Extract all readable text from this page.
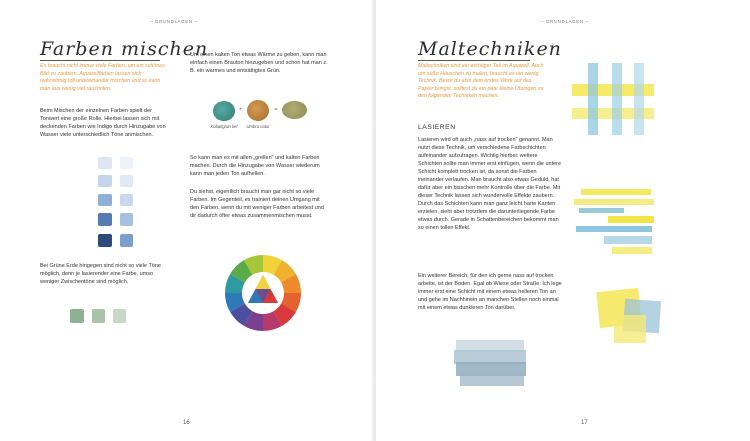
– GRUNDLAGEN –
Farben mischen
Es braucht nicht immer viele Farben, um ein schönes Bild zu zaubern. Aquarellfarben lassen sich wahnsinnig toll untereinander mischen und so kann man aus wenig viel rausholen.

Beim Mischen der einzelnen Farben spielt der Tonwert eine große Rolle. Hierbei lassen sich mit deckenden Farben wie Indigo durch Hinzugabe von Wasser viele unterschiedlich Töne anmischen.

Bei Grüne Erde hingegen sind nicht so viele Töne möglich, denn je lasierender eine Farbe, umso weniger Zwischentöne sind möglich.

Um einen kalten Ton etwas Wärme zu geben, kann man einfach einen Brauton hinzugeben und schon hat man z. B. ein warmes und entsättigtes Grün.

+	=
Kobaltgrün tief	Umbra natur

So kann man es mit allen „grellen" und kalten Farben machen. Durch die Hinzugabe von Wasser wiederum kann man jeden Ton aufhellen.

Du siehst, eigentlich braucht man gar nicht so viele Farben. Im Gegenteil, es trainiert deinen Umgang mit den Farben, wenn du mit weniger Farben arbeitest und dir dadurch öfter etwas zusammenmischen musst.

16
– GRUNDLAGEN –
Maltechniken
Maltechniken sind ein wichtiger Teil im Aquarell. Auch um süße Häuschen zu malen, braucht es ein wenig Technik. Bevor du also dein erstes Werk auf das Papier bringst, solltest du ein paar kleine Übungen zu den folgenden Techniken machen.
LASIEREN

Lasieren wird oft auch „nass auf trocken" genannt. Man nutzt diese Technik, um verschiedene Farbschichten aufeinander aufzutragen. Wichtig hierbei: weitere Schichten sollte man immer erst einfügen, wenn die untere Schicht komplett trocken ist, da sonst die Farben ineinander verlaufen. Man braucht also etwas Geduld, hat dafür aber ein bisschen mehr Kontrolle über die Farbe. Mit dieser Technik lassen sich wundervolle Effekte zaubern. Durch das Schichten kann man ganz leicht harte Kanten erzielen, sieht aber trotzdem die darunterliegende Farbe etwas durch. Gerade in Schattenbereichen bekommt man so einen tollen Effekt.

Ein weiterer Bereich, für den ich gerne nass auf trocken arbeite, ist der Boden. Egal ob Wiese oder Straße: Ich lege immer erst eine Schicht mit einem etwas helleren Ton an und gehe im Nachhinein an manchen Stellen noch einmal mit einem etwas dunkleren Ton darüber.

17
